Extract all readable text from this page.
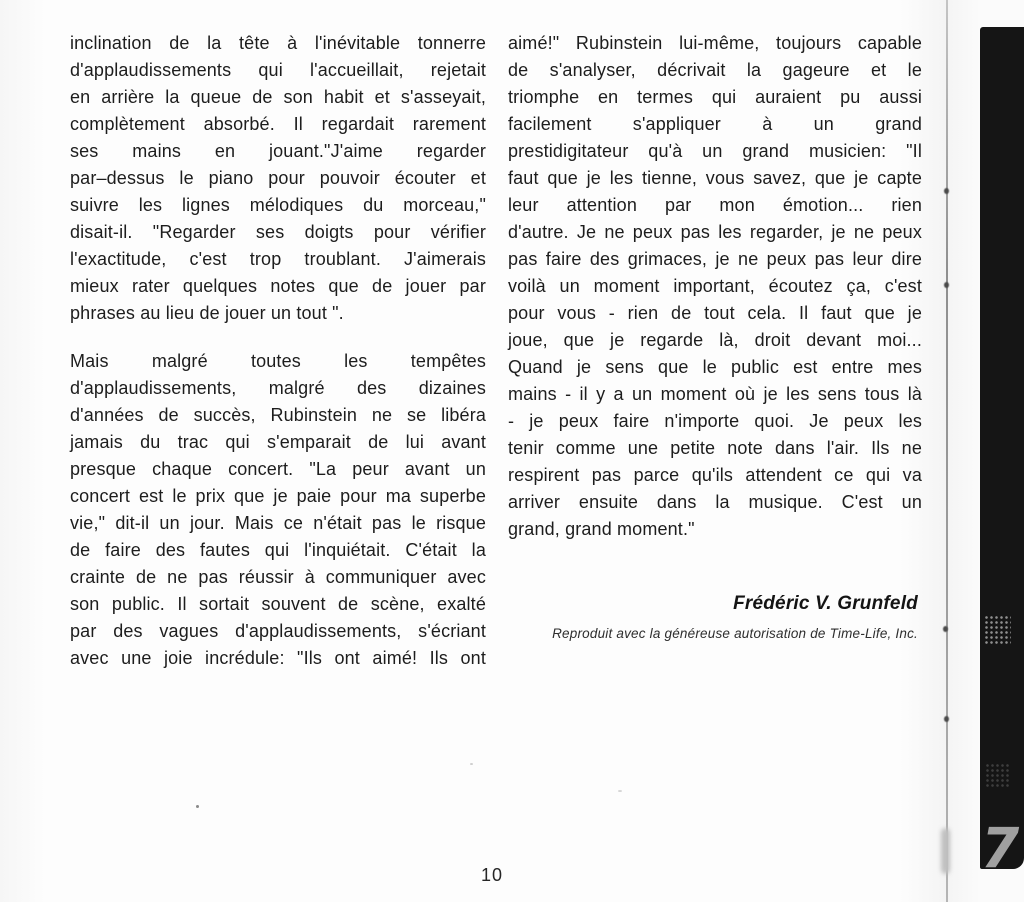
inclination de la tête à l'inévitable tonnerre
d'applaudissements qui l'accueillait, rejetait
en arrière la queue de son habit et s'asseyait,
complètement absorbé. Il regardait rarement
ses mains en jouant."J'aime regarder
par–dessus le piano pour pouvoir écouter et
suivre les lignes mélodiques du morceau,"
disait-il. "Regarder ses doigts pour vérifier
l'exactitude, c'est trop troublant. J'aimerais
mieux rater quelques notes que de jouer par
phrases au lieu de jouer un tout ".
Mais malgré toutes les tempêtes
d'applaudissements, malgré des dizaines
d'années de succès, Rubinstein ne se libéra
jamais du trac qui s'emparait de lui avant
presque chaque concert. "La peur avant un
concert est le prix que je paie pour ma superbe
vie," dit-il un jour. Mais ce n'était pas le risque
de faire des fautes qui l'inquiétait. C'était la
crainte de ne pas réussir à communiquer avec
son public. Il sortait souvent de scène, exalté
par des vagues d'applaudissements, s'écriant
avec une joie incrédule: "Ils ont aimé! Ils ont
aimé!" Rubinstein lui-même, toujours capable
de s'analyser, décrivait la gageure et le
triomphe en termes qui auraient pu aussi
facilement s'appliquer à un grand
prestidigitateur qu'à un grand musicien: "Il
faut que je les tienne, vous savez, que je capte
leur attention par mon émotion... rien
d'autre. Je ne peux pas les regarder, je ne peux
pas faire des grimaces, je ne peux pas leur dire
voilà un moment important, écoutez ça, c'est
pour vous - rien de tout cela. Il faut que je
joue, que je regarde là, droit devant moi...
Quand je sens que le public est entre mes
mains - il y a un moment où je les sens tous là
- je peux faire n'importe quoi. Je peux les
tenir comme une petite note dans l'air. Ils ne
respirent pas parce qu'ils attendent ce qui va
arriver ensuite dans la musique. C'est un
grand, grand moment."
Frédéric V. Grunfeld
Reproduit avec la généreuse autorisation de Time-Life, Inc.
10	7
